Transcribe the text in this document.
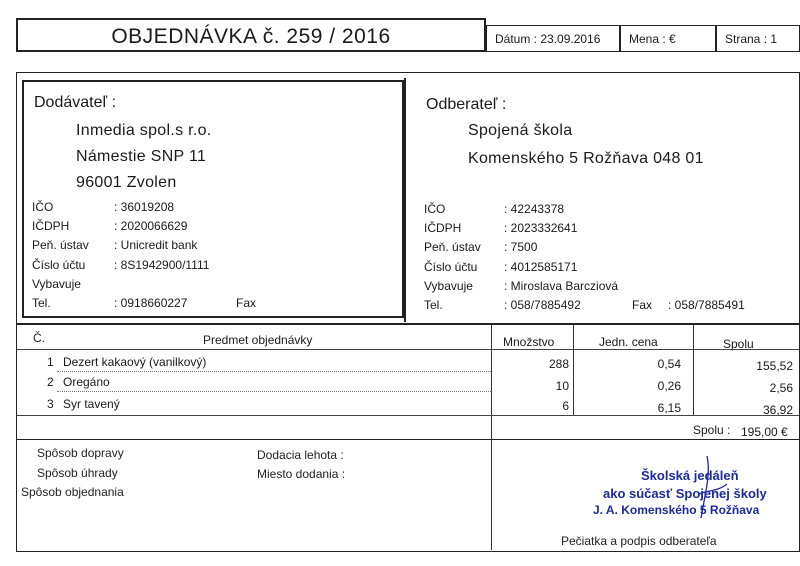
OBJEDNÁVKA č. 259 / 2016	Dátum : 23.09.2016 Mena : €	Strana : 1
Dodávateľ :
Inmedia spol.s r.o.
Námestie SNP 11
96001 Zvolen
IČO	: 36019208
IČDPH	: 2020066629
Peň. ústav : Unicredit bank
Číslo účtu : 8S1942900/1111
Vybavuje
Tel.	: 0918660227	Fax
Odberateľ :
Spojená škola
Komenského 5 Rožňava 048 01
IČO	: 42243378
IČDPH	: 2023332641
Peň. ústav : 7500
Číslo účtu : 4012585171
Vybavuje	: Miroslava Barcziová
Tel.	: 058/7885492	Fax : 058/7885491
Č.	Predmet objednávky	Množstvo	Jedn. cena	Spolu
1 Dezert kakaový (vanilkový)	288	0,54	155,52
2 Oregáno	10	0,26	2,56
3 Syr tavený	6	6,15	36,92
Spolu : 195,00 €
Spôsob dopravy
Spôsob úhrady
Spôsob objednania
Dodacia lehota :
Miesto dodania :	Školská jedáleň
ako súčasť Spojenej školy
J. A. Komenského 5 Rožňava
Pečiatka a podpis odberateľa
